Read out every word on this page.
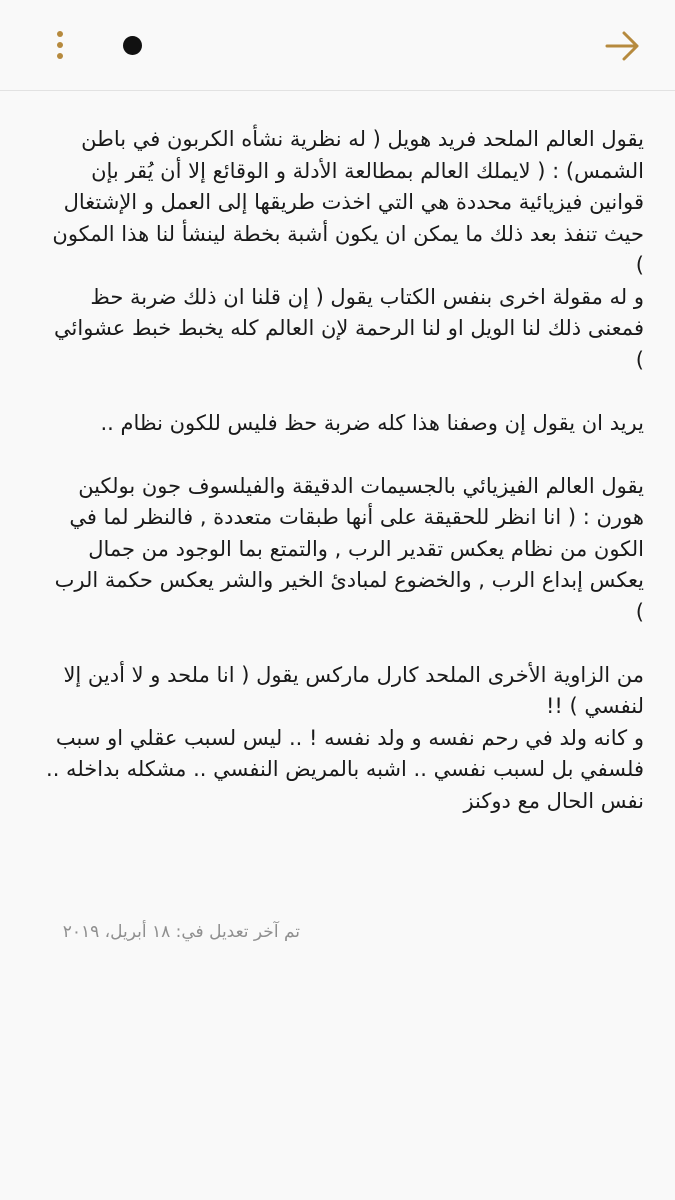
يقول العالم الملحد فريد هويل ( له نظرية نشأه الكربون في باطن الشمس) : ( لايملك العالم بمطالعة الأدلة و الوقائع إلا أن يُقر بإن قوانين فيزيائية محددة هي التي اخذت طريقها إلى العمل و الإشتغال حيث تنفذ بعد ذلك ما يمكن ان يكون أشبة بخطة لينشأ لنا هذا المكون )
و له مقولة اخرى بنفس الكتاب يقول ( إن قلنا ان ذلك ضربة حظ فمعنى ذلك لنا الويل او لنا الرحمة لإن العالم كله يخبط خبط عشوائي )

يريد ان يقول إن وصفنا هذا كله ضربة حظ فليس للكون نظام ..

يقول العالم الفيزيائي بالجسيمات الدقيقة والفيلسوف جون بولكين هورن : ( انا انظر للحقيقة على أنها طبقات متعددة , فالنظر لما في الكون من نظام يعكس تقدير الرب , والتمتع بما الوجود من جمال يعكس إبداع الرب , والخضوع لمبادئ الخير والشر يعكس حكمة الرب )

من الزاوية الأخرى الملحد كارل ماركس يقول ( انا ملحد و لا أدين إلا لنفسي ) !!
و كانه ولد في رحم نفسه و ولد نفسه ! .. ليس لسبب عقلي او سبب فلسفي بل لسبب نفسي .. اشبه بالمريض النفسي .. مشكله بداخله .. نفس الحال مع دوكنز
تم آخر تعديل في: ١٨ أبريل، ٢٠١٩
